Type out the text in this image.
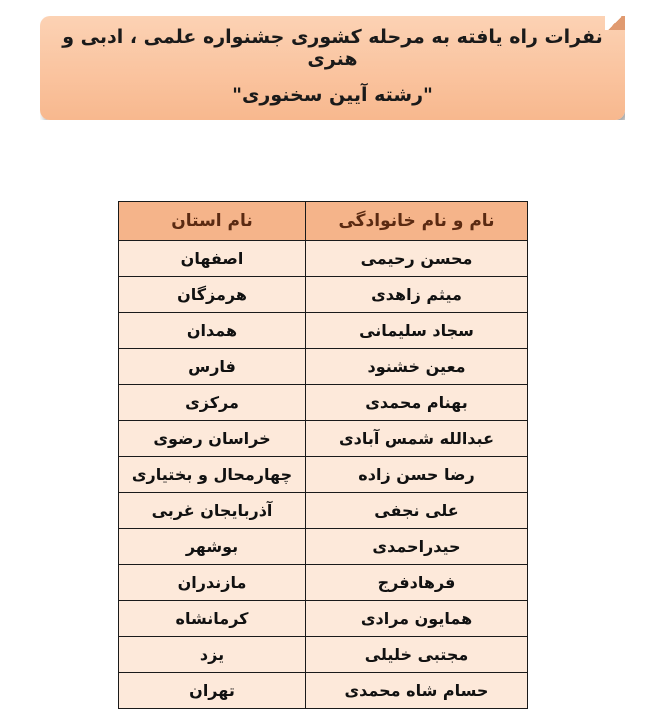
نفرات راه یافته به مرحله کشوری جشنواره علمی ، ادبی و هنری
"رشته آیین سخنوری"
نام و نام خانوادگی	نام استان
محسن رحیمی	اصفهان
میثم زاهدی	هرمزگان
سجاد سلیمانی	همدان
معین خشنود	فارس
بهنام محمدی	مرکزی
عبدالله شمس آبادی	خراسان رضوی
رضا حسن زاده	چهارمحال و بختیاری
علی نجفی	آذربایجان غربی
حیدراحمدی	بوشهر
فرهادفرج	مازندران
همایون مرادی	کرمانشاه
مجتبی خلیلی	یزد
حسام شاه محمدی	تهران
